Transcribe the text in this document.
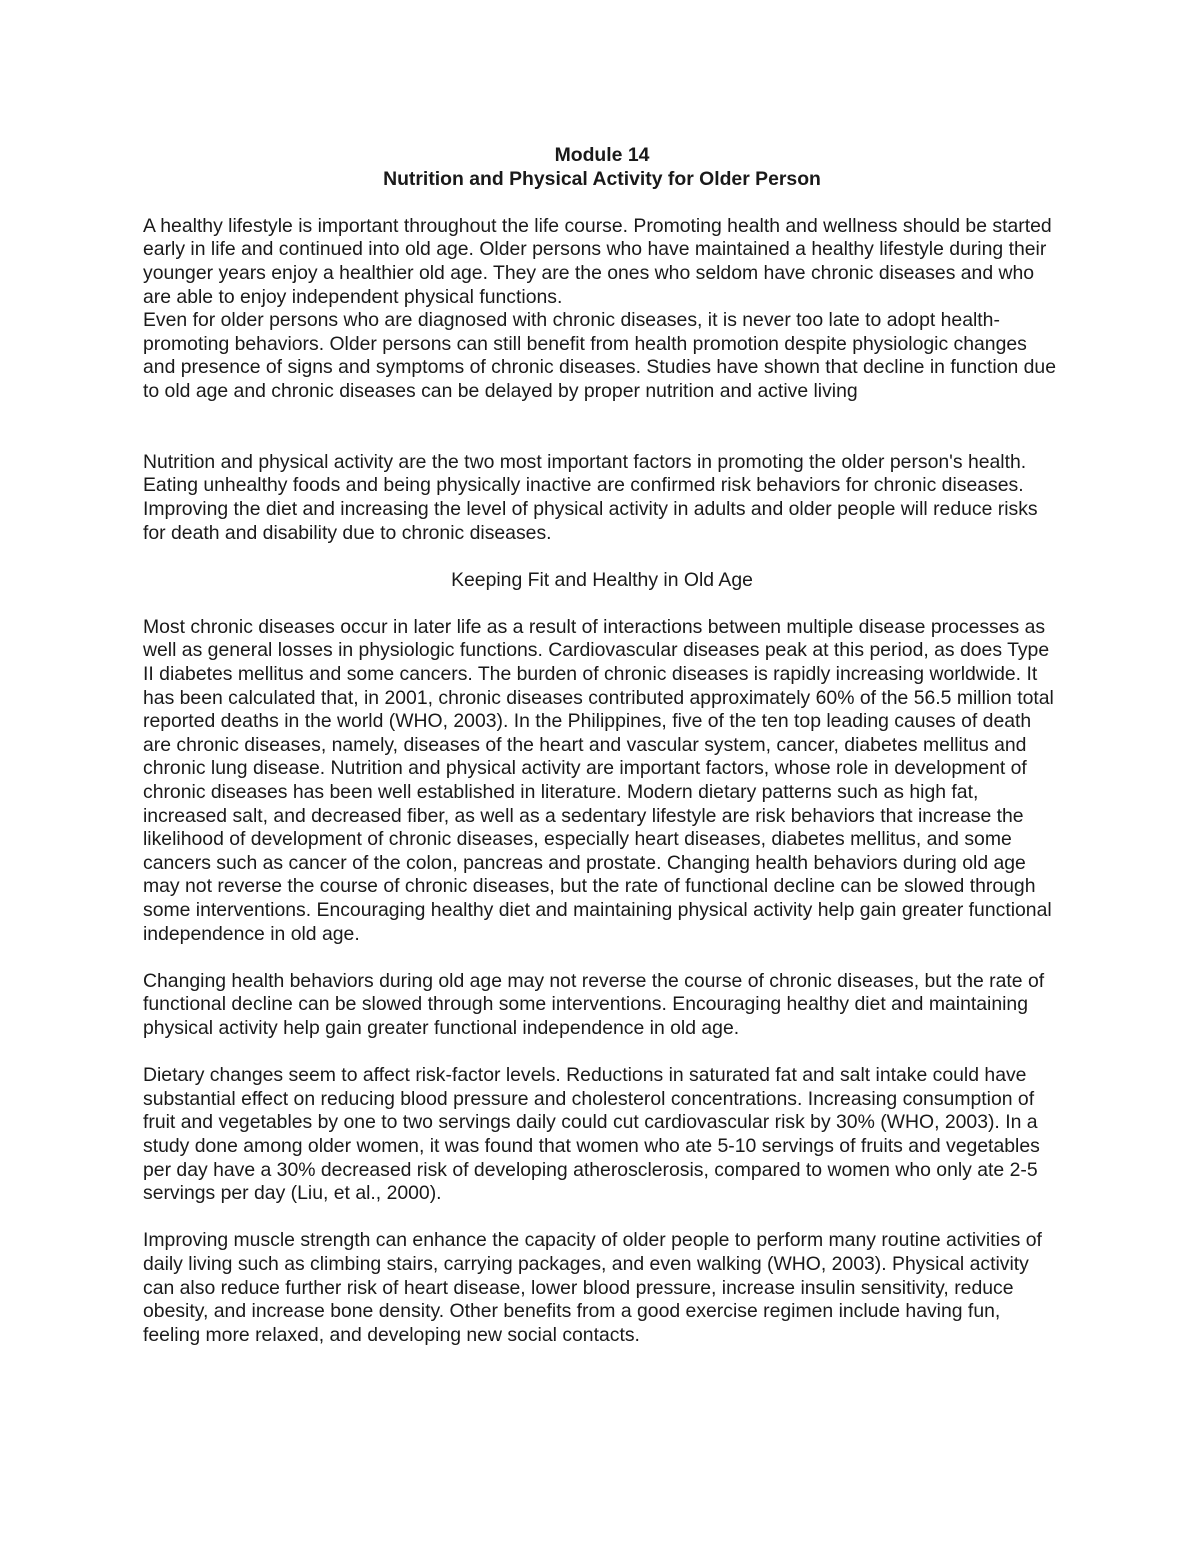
Module 14

Nutrition and Physical Activity for Older Person

A healthy lifestyle is important throughout the life course. Promoting health and wellness should be started early in life and continued into old age. Older persons who have maintained a healthy lifestyle during their younger years enjoy a healthier old age. They are the ones who seldom have chronic diseases and who are able to enjoy independent physical functions.

Even for older persons who are diagnosed with chronic diseases, it is never too late to adopt health-promoting behaviors. Older persons can still benefit from health promotion despite physiologic changes and presence of signs and symptoms of chronic diseases. Studies have shown that decline in function due to old age and chronic diseases can be delayed by proper nutrition and active living

Nutrition and physical activity are the two most important factors in promoting the older person's health. Eating unhealthy foods and being physically inactive are confirmed risk behaviors for chronic diseases. Improving the diet and increasing the level of physical activity in adults and older people will reduce risks for death and disability due to chronic diseases.

Keeping Fit and Healthy in Old Age

Most chronic diseases occur in later life as a result of interactions between multiple disease processes as well as general losses in physiologic functions. Cardiovascular diseases peak at this period, as does Type II diabetes mellitus and some cancers. The burden of chronic diseases is rapidly increasing worldwide. It has been calculated that, in 2001, chronic diseases contributed approximately 60% of the 56.5 million total reported deaths in the world (WHO, 2003). In the Philippines, five of the ten top leading causes of death are chronic diseases, namely, diseases of the heart and vascular system, cancer, diabetes mellitus and chronic lung disease. Nutrition and physical activity are important factors, whose role in development of chronic diseases has been well established in literature. Modern dietary patterns such as high fat, increased salt, and decreased fiber, as well as a sedentary lifestyle are risk behaviors that increase the likelihood of development of chronic diseases, especially heart diseases, diabetes mellitus, and some cancers such as cancer of the colon, pancreas and prostate. Changing health behaviors during old age may not reverse the course of chronic diseases, but the rate of functional decline can be slowed through some interventions. Encouraging healthy diet and maintaining physical activity help gain greater functional independence in old age.

Changing health behaviors during old age may not reverse the course of chronic diseases, but the rate of functional decline can be slowed through some interventions. Encouraging healthy diet and maintaining physical activity help gain greater functional independence in old age.

Dietary changes seem to affect risk-factor levels. Reductions in saturated fat and salt intake could have substantial effect on reducing blood pressure and cholesterol concentrations. Increasing consumption of fruit and vegetables by one to two servings daily could cut cardiovascular risk by 30% (WHO, 2003). In a study done among older women, it was found that women who ate 5-10 servings of fruits and vegetables per day have a 30% decreased risk of developing atherosclerosis, compared to women who only ate 2-5 servings per day (Liu, et al., 2000).

Improving muscle strength can enhance the capacity of older people to perform many routine activities of daily living such as climbing stairs, carrying packages, and even walking (WHO, 2003). Physical activity can also reduce further risk of heart disease, lower blood pressure, increase insulin sensitivity, reduce obesity, and increase bone density. Other benefits from a good exercise regimen include having fun, feeling more relaxed, and developing new social contacts.
